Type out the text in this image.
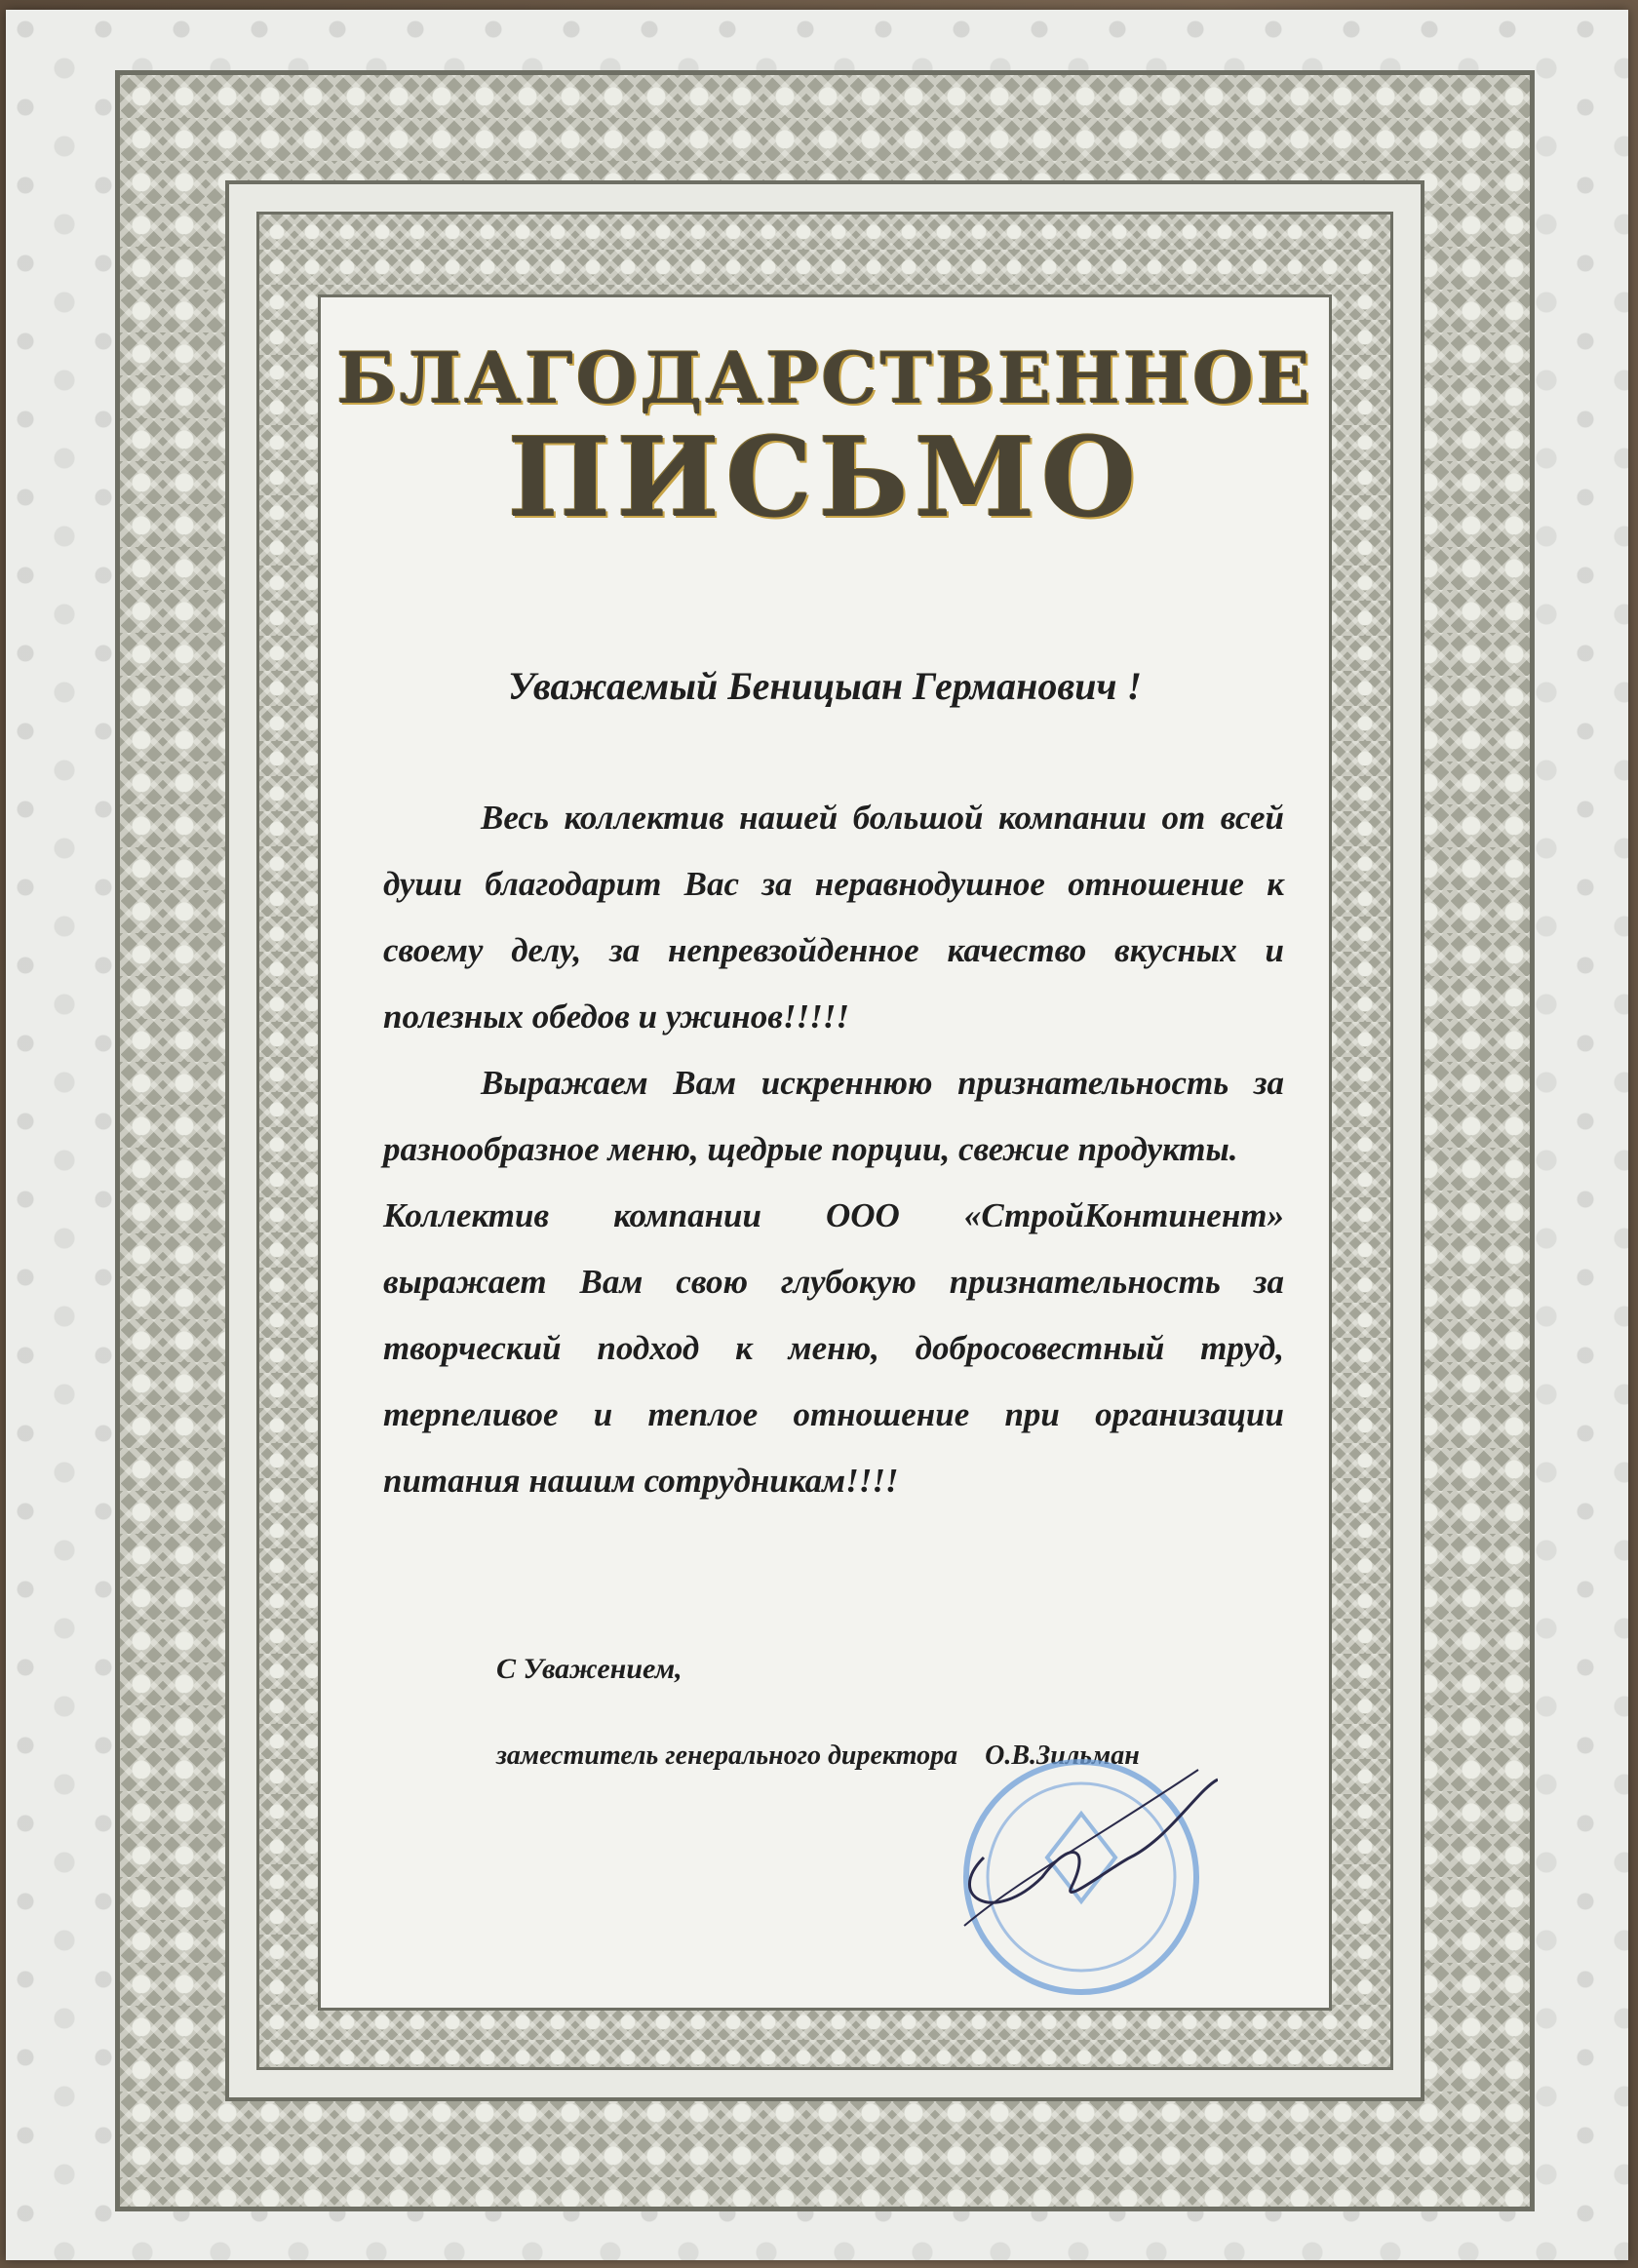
БЛАГОДАРСТВЕННОЕ
ПИСЬМО
Уважаемый Беницыан Германович !

Весь коллектив нашей большой компании от всей души благодарит Вас за неравнодушное отношение к своему делу, за непревзойденное качество вкусных и полезных обедов и ужинов!!!!!

Выражаем Вам искреннюю признательность за разнообразное меню, щедрые порции, свежие продукты.

Коллектив компании ООО «СтройКонтинент» выражает Вам свою глубокую признательность за творческий подход к меню, добросовестный труд, терпеливое и теплое отношение при организации питания нашим сотрудникам!!!!

С Уважением,
заместитель генерального директора О.В.Зильман
